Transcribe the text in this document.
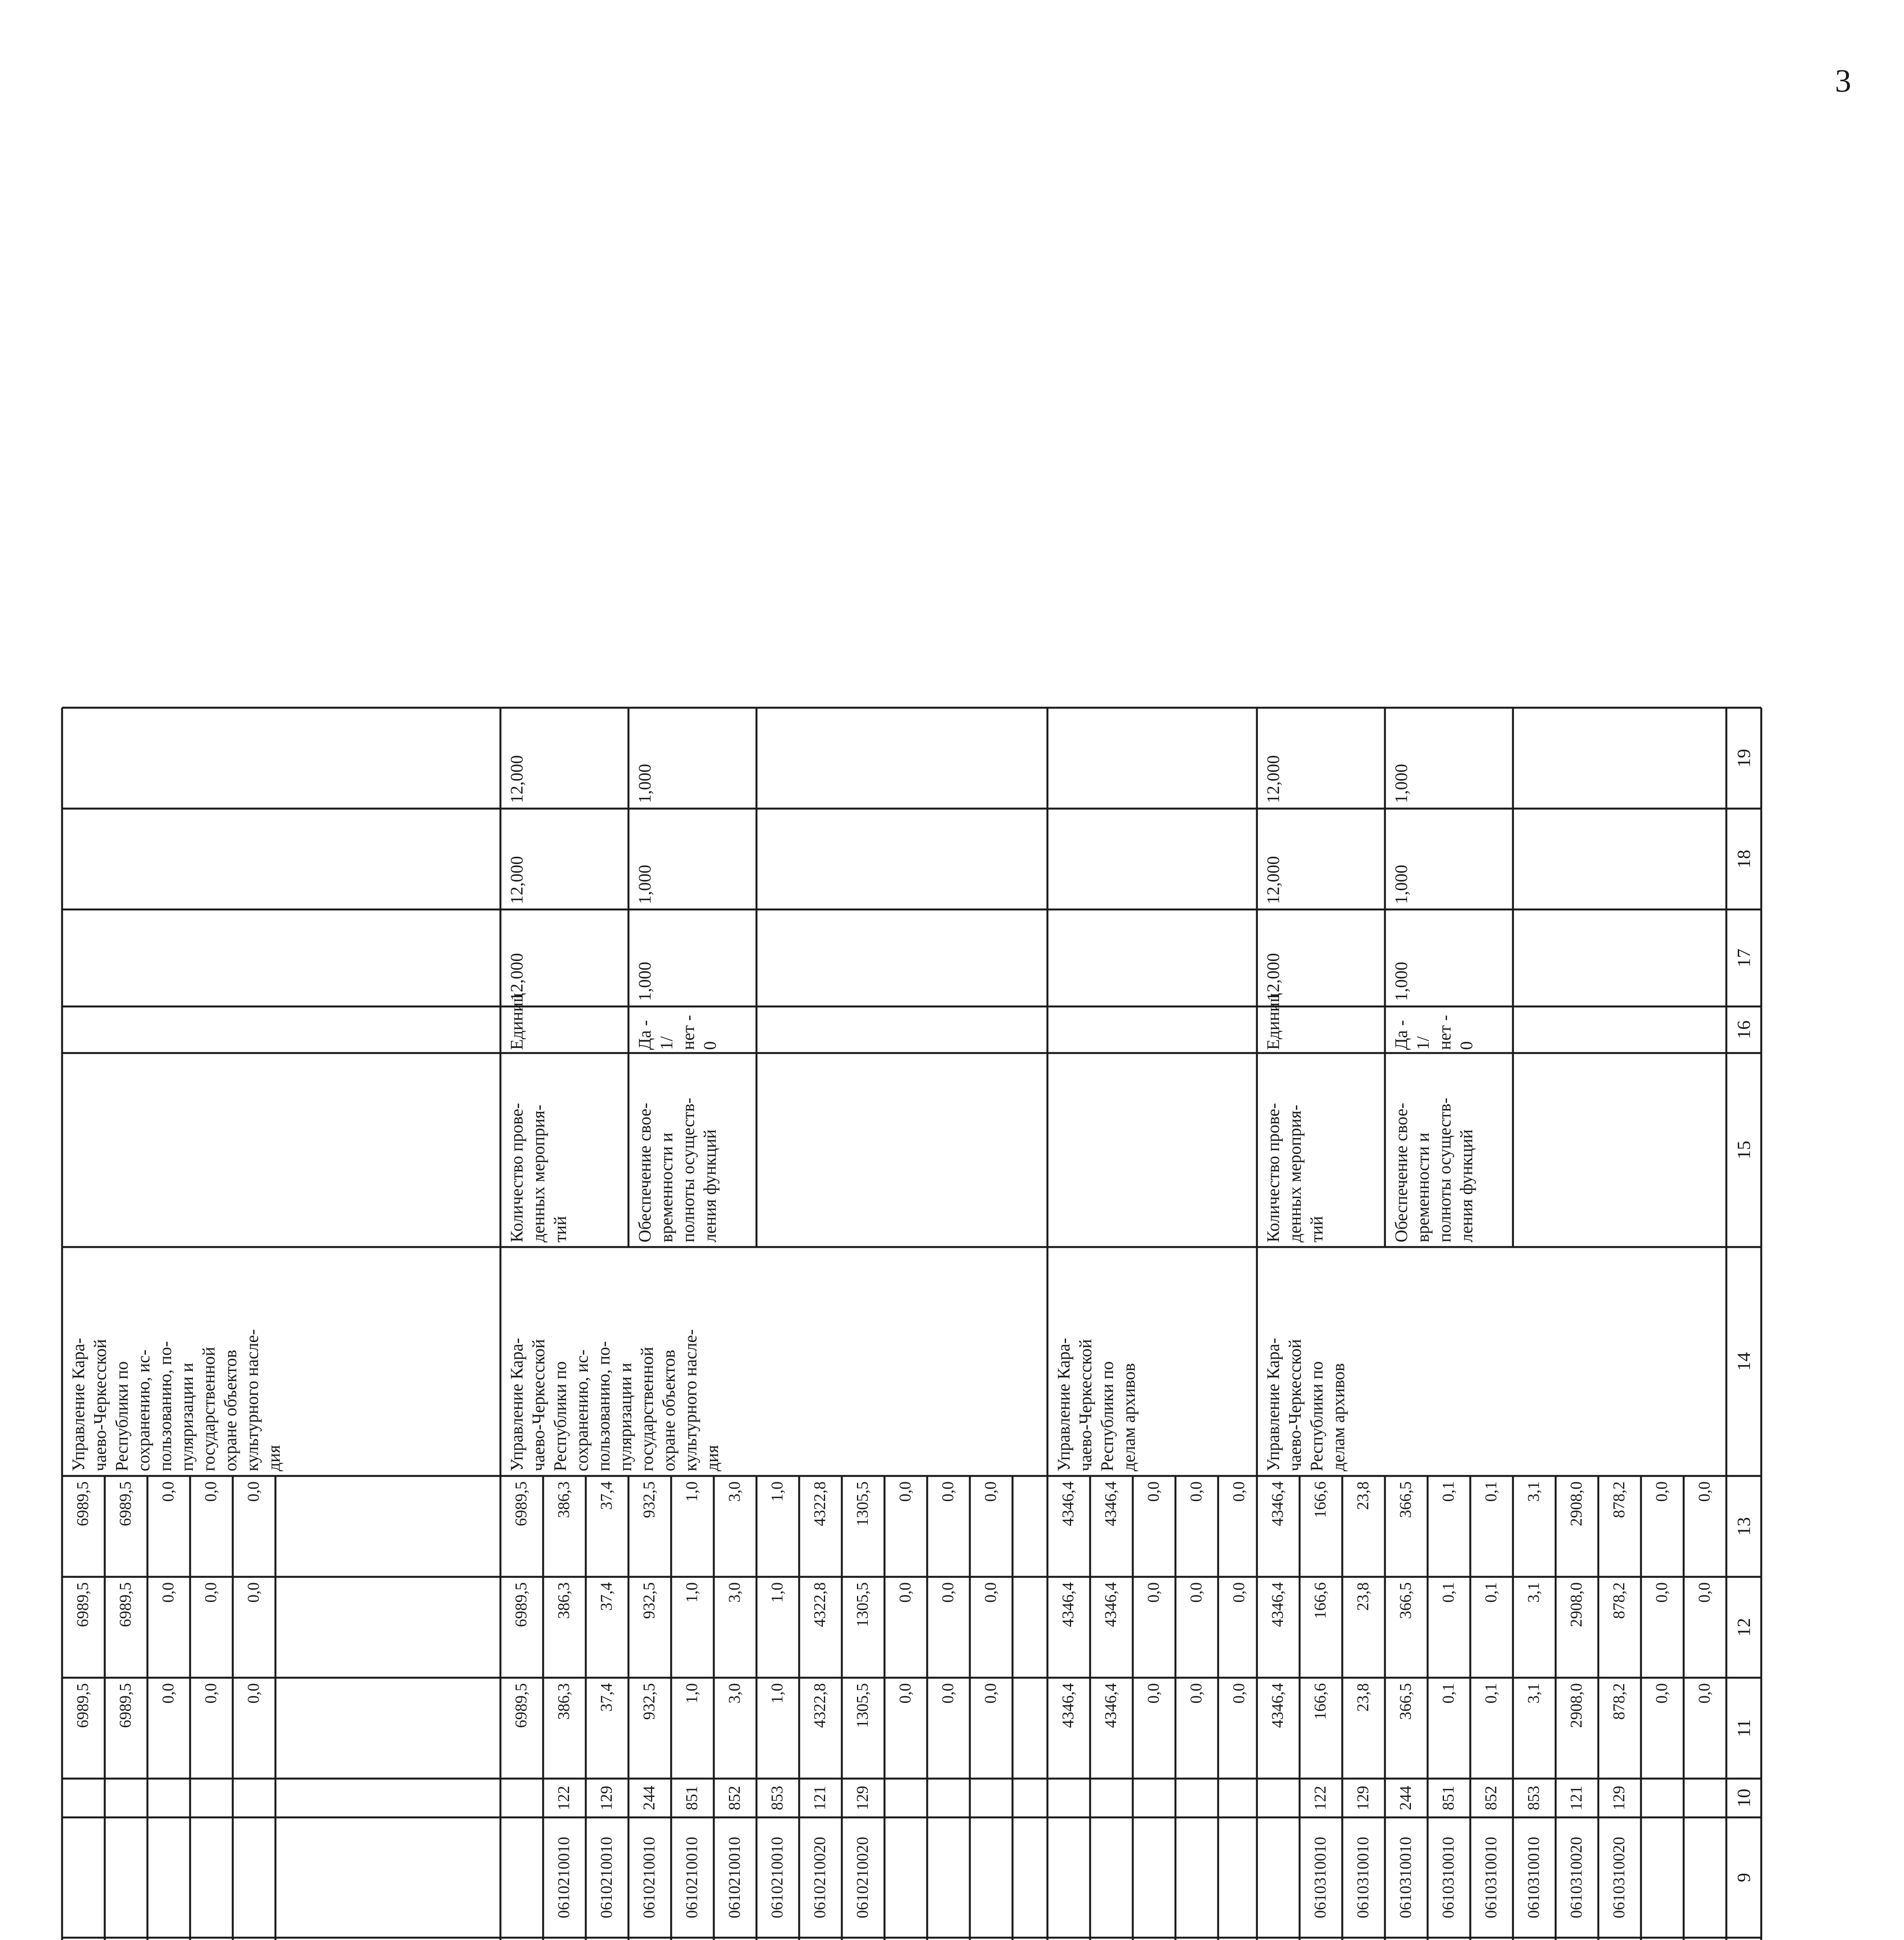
3
9
10
11
12
13
14
15
16
17
18
19
Управление Кара-
чаево-Черкесской
Республики по
сохранению, ис-
пользованию, по-
пуляризации и
государственной
охране объектов
культурного насле-
дия
6989,5
6989,5
6989,5
6989,5
6989,5
6989,5
0,0
0,0
0,0
0,0
0,0
0,0
0,0
0,0
0,0
Управление Кара-
чаево-Черкесской
Республики по
сохранению, ис-
пользованию, по-
пуляризации и
государственной
охране объектов
культурного насле-
дия
6989,5
6989,5
6989,5
0610210010
122
386,3
386,3
386,3
0610210010
129
37,4
37,4
37,4
0610210010
244
932,5
932,5
932,5
0610210010
851
1,0
1,0
1,0
0610210010
852
3,0
3,0
3,0
0610210010
853
1,0
1,0
1,0
0610210020
121
4322,8
4322,8
4322,8
0610210020
129
1305,5
1305,5
1305,5
0,0
0,0
0,0
0,0
0,0
0,0
0,0
0,0
0,0
Количество прове-
денных мероприя-
тий
Единиц
12,000
12,000
12,000
Обеспечение свое-
временности и
полноты осуществ-
ления функций
Да - 1/
нет - 0
1,000
1,000
1,000
Управление Кара-
чаево-Черкесской
Республики по
делам архивов
4346,4
4346,4
4346,4
4346,4
4346,4
4346,4
0,0
0,0
0,0
0,0
0,0
0,0
0,0
0,0
0,0
Управление Кара-
чаево-Черкесской
Республики по
делам архивов
4346,4
4346,4
4346,4
0610310010
122
166,6
166,6
166,6
0610310010
129
23,8
23,8
23,8
0610310010
244
366,5
366,5
366,5
0610310010
851
0,1
0,1
0,1
0610310010
852
0,1
0,1
0,1
0610310010
853
3,1
3,1
3,1
0610310020
121
2908,0
2908,0
2908,0
0610310020
129
878,2
878,2
878,2
0,0
0,0
0,0
0,0
0,0
0,0
Количество прове-
денных мероприя-
тий
Единиц
12,000
12,000
12,000
Обеспечение свое-
временности и
полноты осуществ-
ления функций
Да - 1/
нет - 0
1,000
1,000
1,000
